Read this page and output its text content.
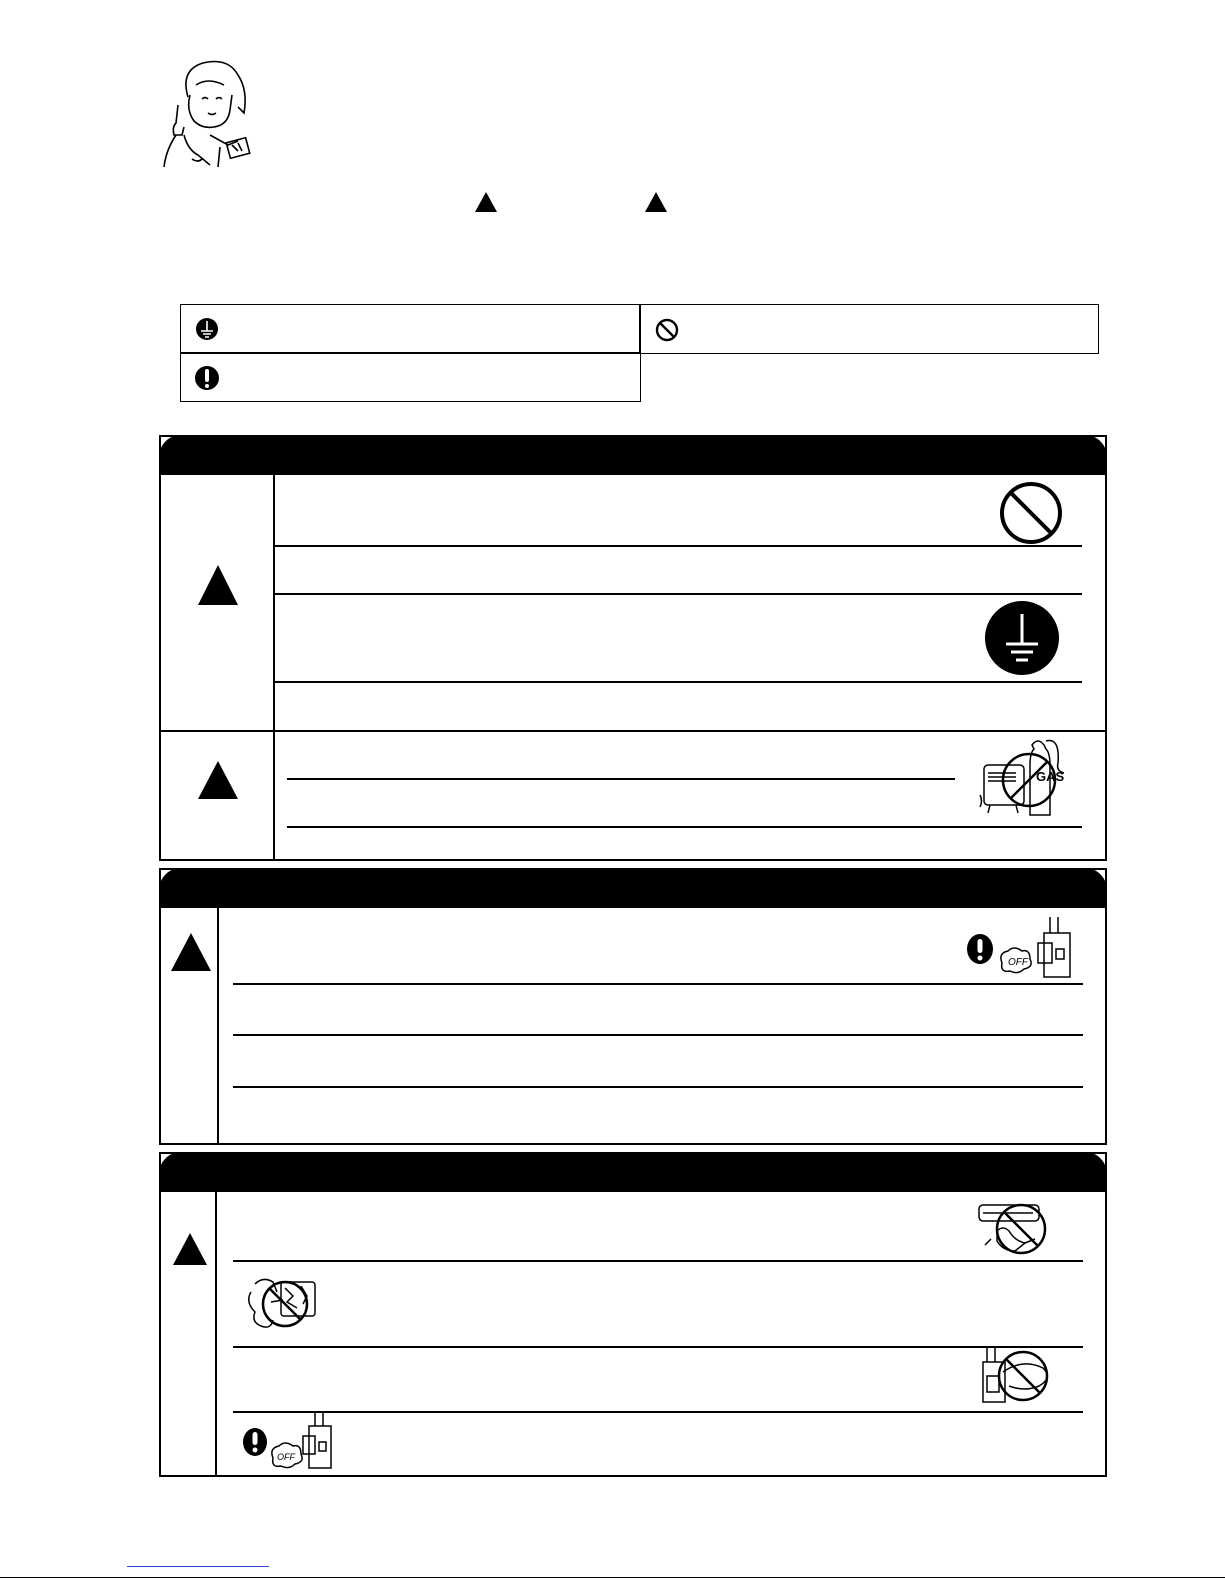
GAS
OFF
OFF
